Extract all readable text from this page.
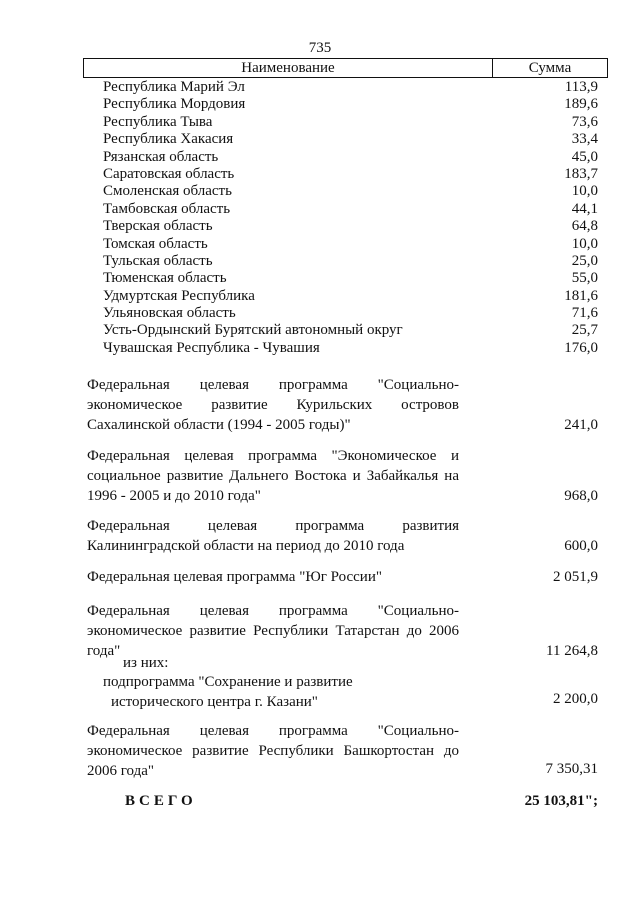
735
Наименование	Сумма
Республика Марий Эл	113,9
Республика Мордовия	189,6
Республика Тыва	73,6
Республика Хакасия	33,4
Рязанская область	45,0
Саратовская область	183,7
Смоленская область	10,0
Тамбовская область	44,1
Тверская область	64,8
Томская область	10,0
Тульская область	25,0
Тюменская область	55,0
Удмуртская Республика	181,6
Ульяновская область	71,6
Усть-Ордынский Бурятский автономный округ	25,7
Чувашская Республика - Чувашия	176,0
Федеральная целевая программа "Социально-
экономическое развитие Курильских островов
Сахалинской области (1994 - 2005 годы)"	241,0
Федеральная целевая программа "Экономическое и
социальное развитие Дальнего Востока и Забайкалья на
1996 - 2005 и до 2010 года"	968,0
Федеральная целевая программа развития
Калининградской области на период до 2010 года	600,0
Федеральная целевая программа "Юг России"	2 051,9
Федеральная целевая программа "Социально-
экономическое развитие Республики Татарстан до 2006
года"	11 264,8
из них:
подпрограмма "Сохранение и развитие
исторического центра г. Казани"	2 200,0
Федеральная целевая программа "Социально-
экономическое развитие Республики Башкортостан до
2006 года"	7 350,31
ВСЕГО	25 103,81";
